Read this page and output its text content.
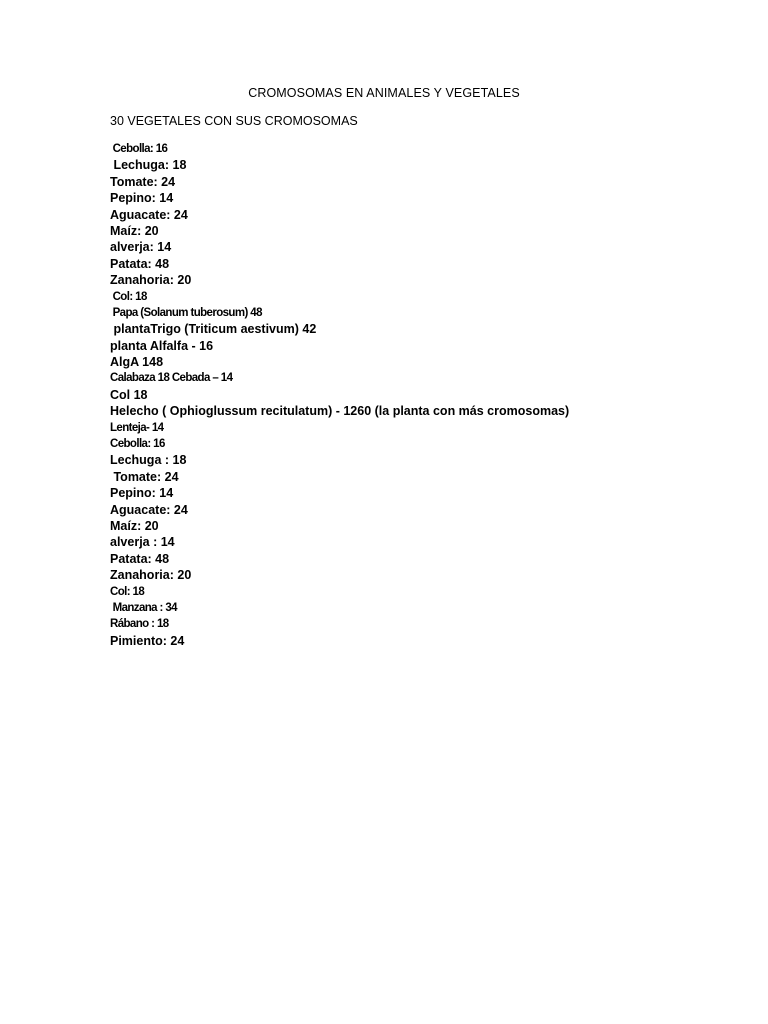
CROMOSOMAS EN ANIMALES Y VEGETALES
30 VEGETALES CON SUS CROMOSOMAS
Cebolla: 16
Lechuga: 18
Tomate: 24
Pepino: 14
Aguacate: 24
Maíz: 20
alverja: 14
Patata: 48
Zanahoria: 20
Col: 18
Papa (Solanum tuberosum) 48
plantaTrigo (Triticum aestivum) 42
planta Alfalfa - 16
AlgA 148
Calabaza 18 Cebada – 14
Col 18
Helecho ( Ophioglussum recitulatum) - 1260 (la planta con más cromosomas)
Lenteja- 14
Cebolla: 16
Lechuga : 18
Tomate: 24
Pepino: 14
Aguacate: 24
Maíz: 20
alverja : 14
Patata: 48
Zanahoria: 20
Col: 18
Manzana : 34
Rábano : 18
Pimiento: 24
